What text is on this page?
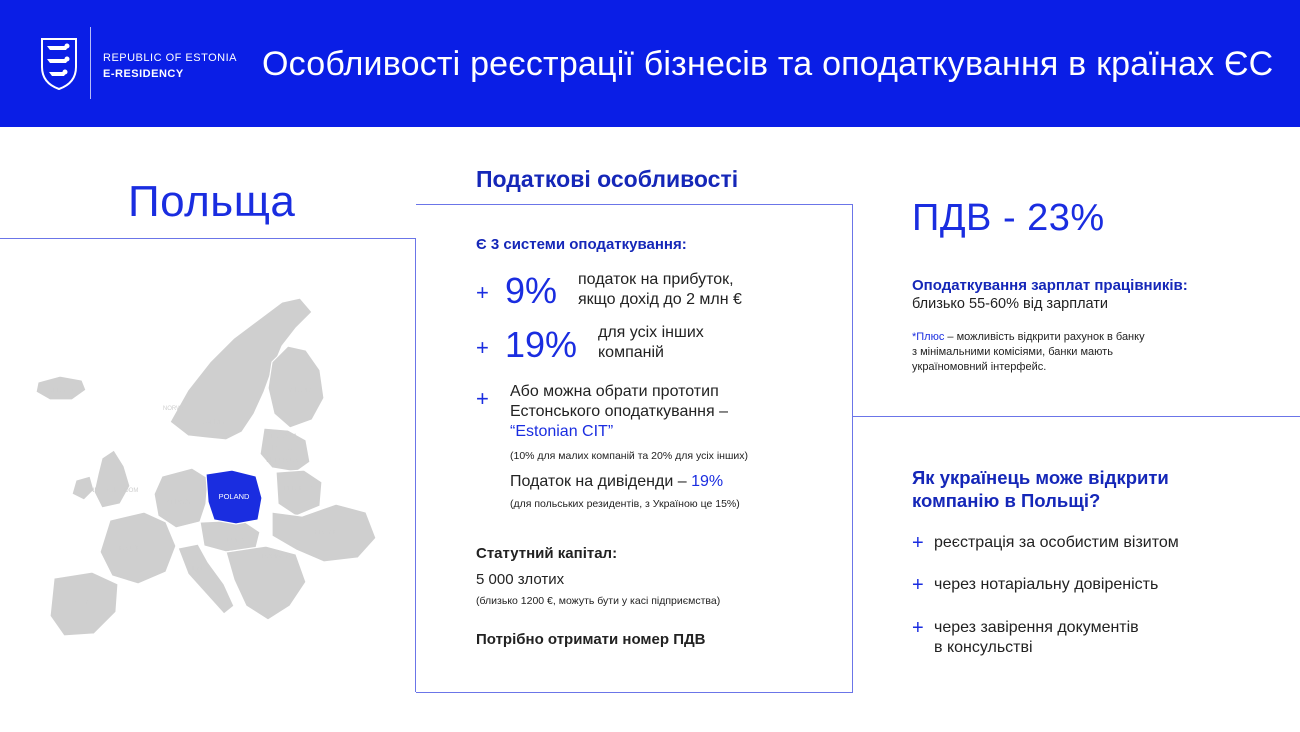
REPUBLIC OF ESTONIA
E-RESIDENCY	Особливості реєстрації бізнесів та оподаткування в країнах ЄС
Польща
POLAND
ICELAND
NORWAY
SWEDEN
FINLAND
ESTONIA
LATVIA
LITHUANIA
BELARUS
UKRAINE
GERMANY
UNITED KINGDOM
FRANCE
SPAIN
ITALY
HUNGARY
ROMANIA
Податкові особливості
Є 3 системи оподаткування:
+ 9% податок на прибуток,
якщо дохід до 2 млн €
+ 19% для усіх інших
компаній
+ Або можна обрати прототип
Естонського оподаткування –
“Estonian CIT”
(10% для малих компаній та 20% для усіх інших)
Податок на дивіденди – 19%
(для польських резидентів, з Україною це 15%)
Статутний капітал:
5 000 злотих
(близько 1200 €, можуть бути у касі підприємства)
Потрібно отримати номер ПДВ
ПДВ - 23%
Оподаткування зарплат працівників:
близько 55-60% від зарплати
*Плюс – можливість відкрити рахунок в банку
з мінімальними комісіями, банки мають
україномовний інтерфейс.
Як українець може відкрити компанію в Польщі?
+ реєстрація за особистим візитом
+ через нотаріальну довіреність
+ через завірення документів
в консульстві
